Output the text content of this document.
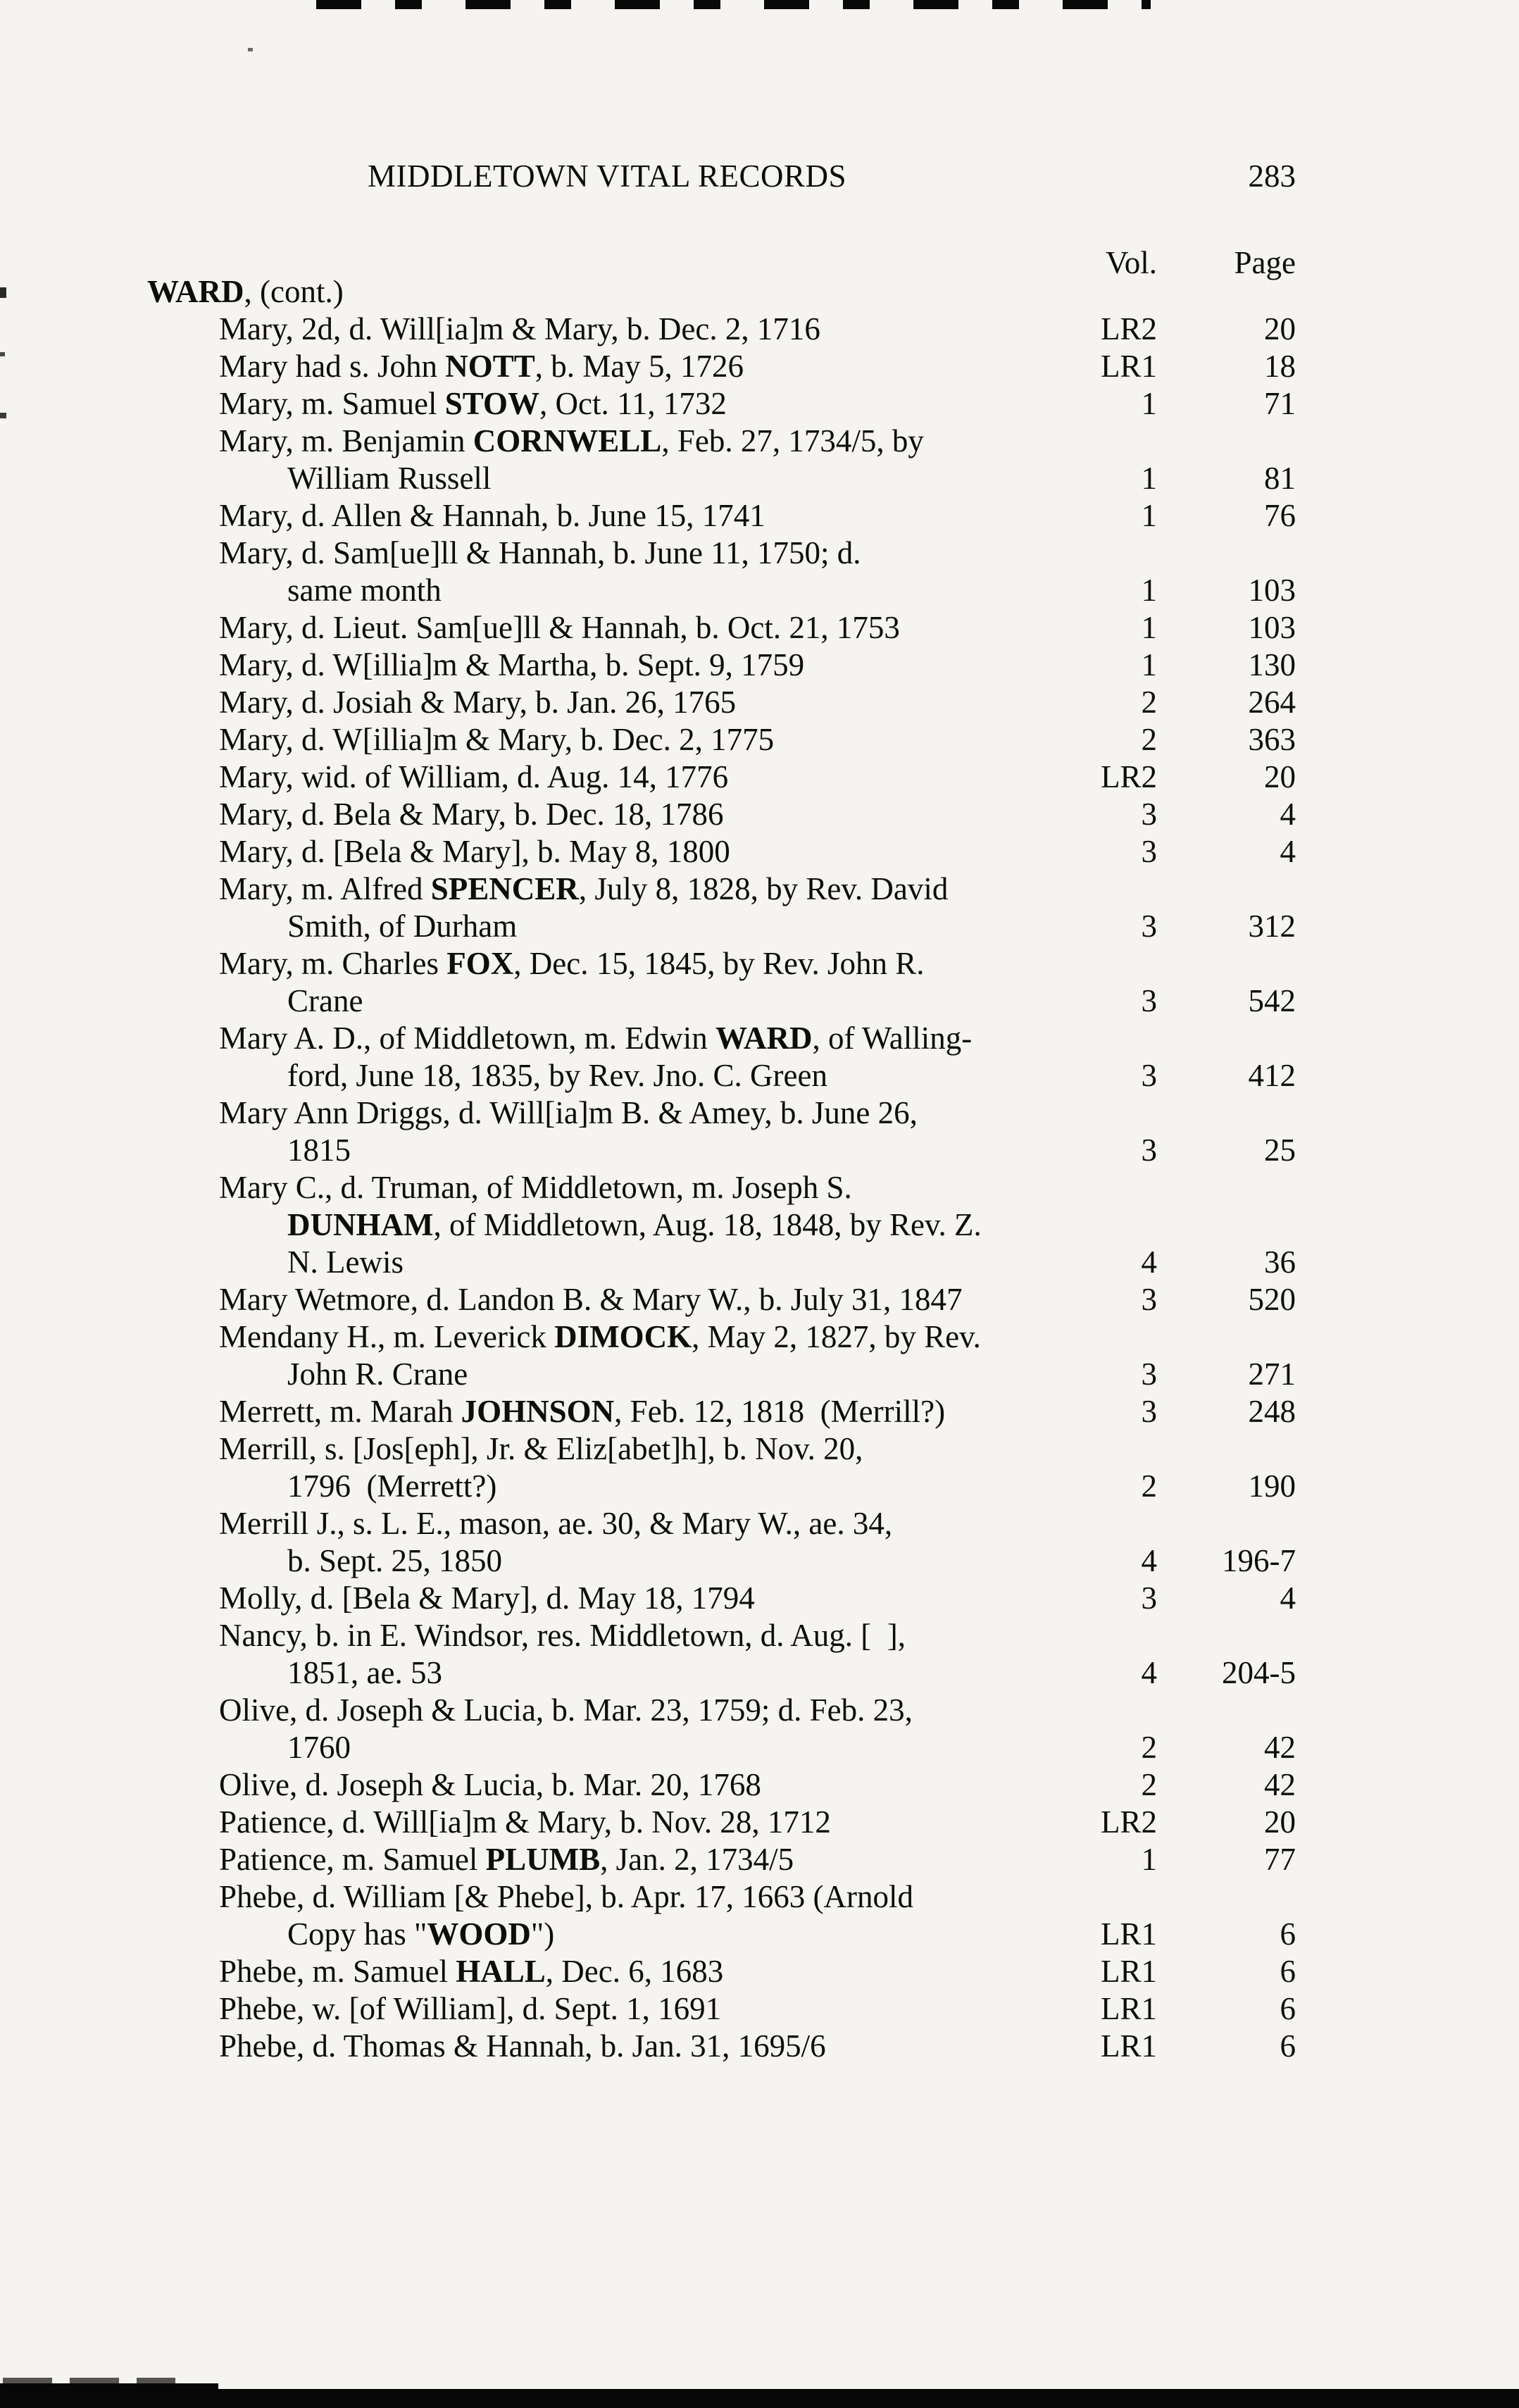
MIDDLETOWN VITAL RECORDS	283
Vol.	Page
WARD, (cont.)
Mary, 2d, d. Will[ia]m & Mary, b. Dec. 2, 1716	LR2	20
Mary had s. John NOTT, b. May 5, 1726	LR1	18
Mary, m. Samuel STOW, Oct. 11, 1732	1	71
Mary, m. Benjamin CORNWELL, Feb. 27, 1734/5, by
William Russell	1	81
Mary, d. Allen & Hannah, b. June 15, 1741	1	76
Mary, d. Sam[ue]ll & Hannah, b. June 11, 1750; d.
same month	1	103
Mary, d. Lieut. Sam[ue]ll & Hannah, b. Oct. 21, 1753	1	103
Mary, d. W[illia]m & Martha, b. Sept. 9, 1759	1	130
Mary, d. Josiah & Mary, b. Jan. 26, 1765	2	264
Mary, d. W[illia]m & Mary, b. Dec. 2, 1775	2	363
Mary, wid. of William, d. Aug. 14, 1776	LR2	20
Mary, d. Bela & Mary, b. Dec. 18, 1786	3	4
Mary, d. [Bela & Mary], b. May 8, 1800	3	4
Mary, m. Alfred SPENCER, July 8, 1828, by Rev. David
Smith, of Durham	3	312
Mary, m. Charles FOX, Dec. 15, 1845, by Rev. John R.
Crane	3	542
Mary A. D., of Middletown, m. Edwin WARD, of Walling-
ford, June 18, 1835, by Rev. Jno. C. Green	3	412
Mary Ann Driggs, d. Will[ia]m B. & Amey, b. June 26,
1815	3	25
Mary C., d. Truman, of Middletown, m. Joseph S.
DUNHAM, of Middletown, Aug. 18, 1848, by Rev. Z.
N. Lewis	4	36
Mary Wetmore, d. Landon B. & Mary W., b. July 31, 1847	3	520
Mendany H., m. Leverick DIMOCK, May 2, 1827, by Rev.
John R. Crane	3	271
Merrett, m. Marah JOHNSON, Feb. 12, 1818  (Merrill?)	3	248
Merrill, s. [Jos[eph], Jr. & Eliz[abet]h], b. Nov. 20,
1796  (Merrett?)	2	190
Merrill J., s. L. E., mason, ae. 30, & Mary W., ae. 34,
b. Sept. 25, 1850	4	196-7
Molly, d. [Bela & Mary], d. May 18, 1794	3	4
Nancy, b. in E. Windsor, res. Middletown, d. Aug. [  ],
1851, ae. 53	4	204-5
Olive, d. Joseph & Lucia, b. Mar. 23, 1759; d. Feb. 23,
1760	2	42
Olive, d. Joseph & Lucia, b. Mar. 20, 1768	2	42
Patience, d. Will[ia]m & Mary, b. Nov. 28, 1712	LR2	20
Patience, m. Samuel PLUMB, Jan. 2, 1734/5	1	77
Phebe, d. William [& Phebe], b. Apr. 17, 1663 (Arnold
Copy has "WOOD")	LR1	6
Phebe, m. Samuel HALL, Dec. 6, 1683	LR1	6
Phebe, w. [of William], d. Sept. 1, 1691	LR1	6
Phebe, d. Thomas & Hannah, b. Jan. 31, 1695/6	LR1	6
